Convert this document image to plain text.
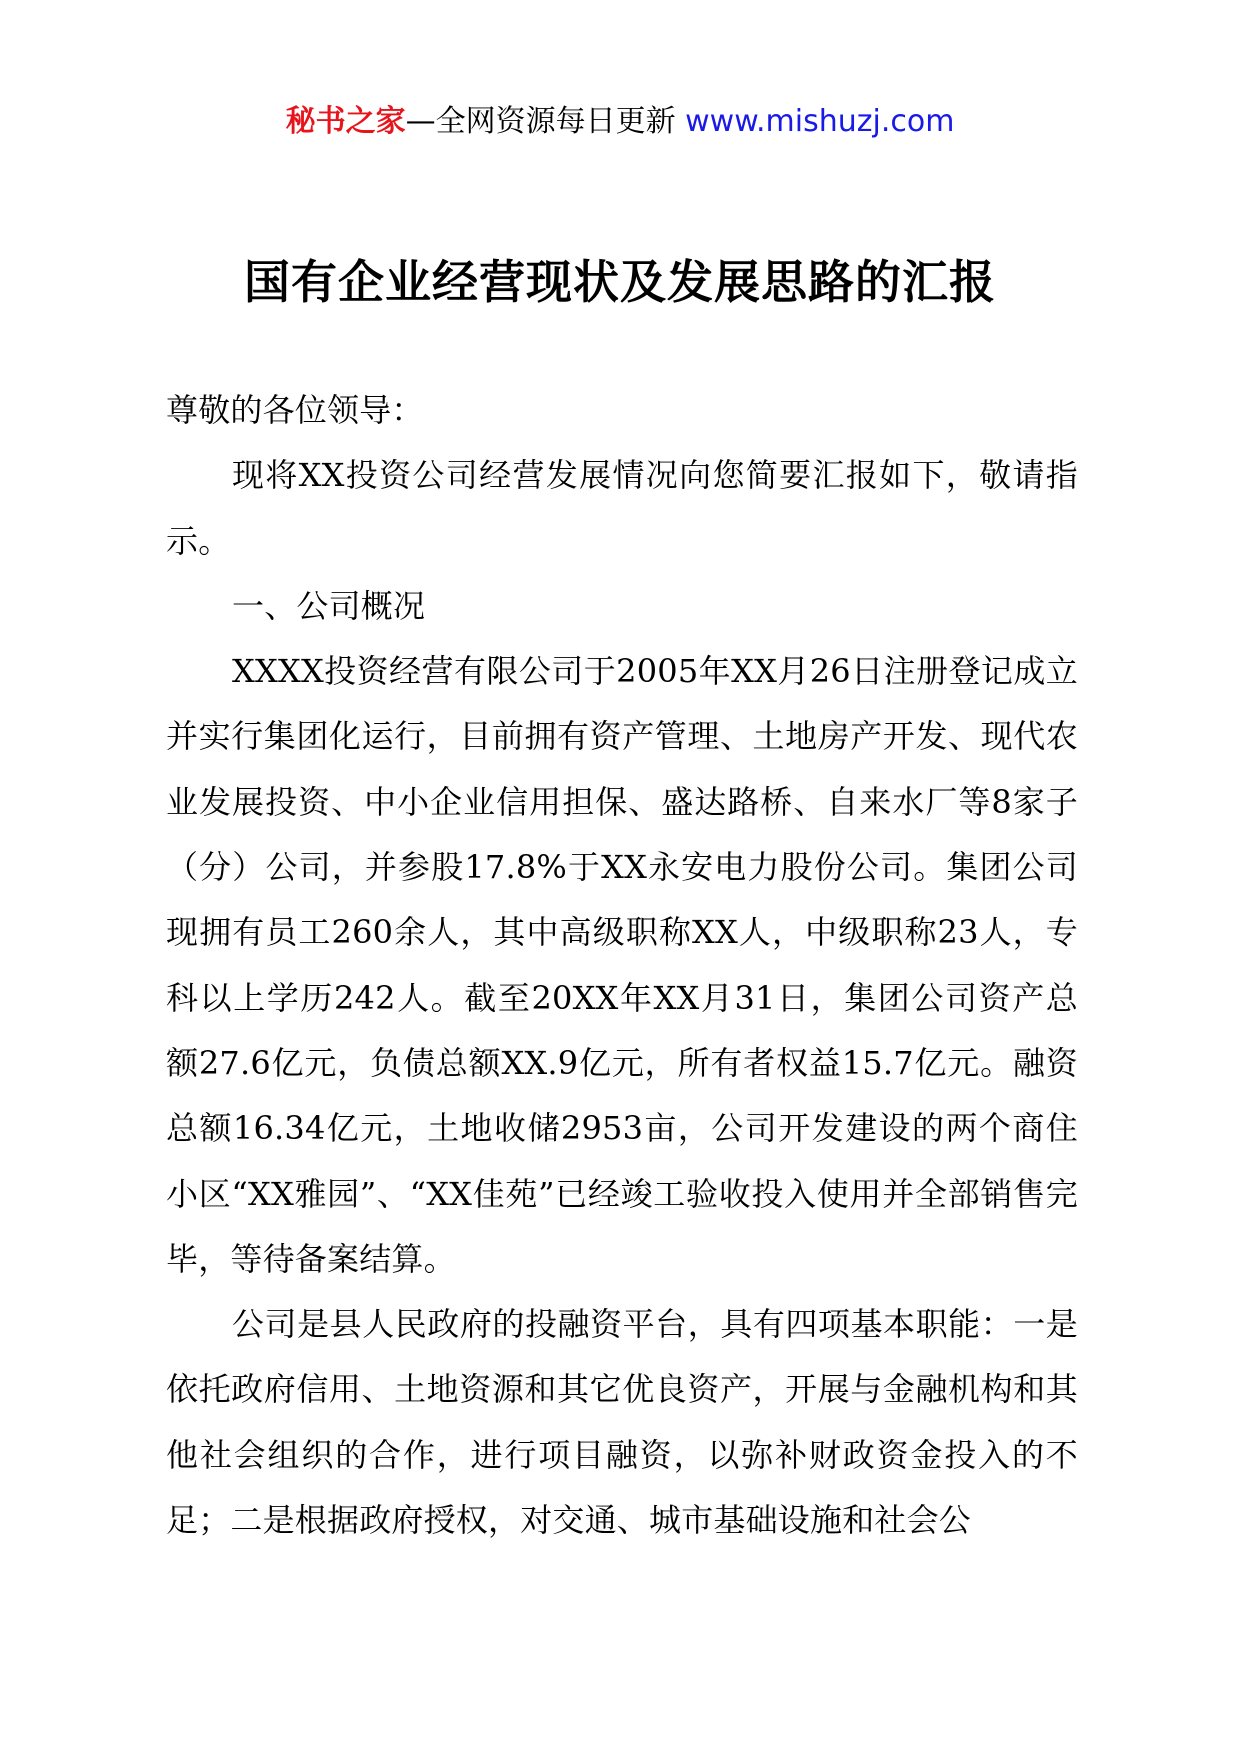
秘书之家—全网资源每日更新 www.mishuzj.com
国有企业经营现状及发展思路的汇报

尊敬的各位领导：

现将XX投资公司经营发展情况向您简要汇报如下，敬请指示。

一、公司概况

XXXX投资经营有限公司于2005年XX月26日注册登记成立并实行集团化运行，目前拥有资产管理、土地房产开发、现代农业发展投资、中小企业信用担保、盛达路桥、自来水厂等8家子（分）公司，并参股17.8%于XX永安电力股份公司。集团公司现拥有员工260余人，其中高级职称XX人，中级职称23人，专科以上学历242人。截至20XX年XX月31日，集团公司资产总额27.6亿元，负债总额XX.9亿元，所有者权益15.7亿元。融资总额16.34亿元，土地收储2953亩，公司开发建设的两个商住小区“XX雅园”、“XX佳苑”已经竣工验收投入使用并全部销售完毕，等待备案结算。

公司是县人民政府的投融资平台，具有四项基本职能：一是依托政府信用、土地资源和其它优良资产，开展与金融机构和其他社会组织的合作，进行项目融资，以弥补财政资金投入的不足；二是根据政府授权，对交通、城市基础设施和社会公
